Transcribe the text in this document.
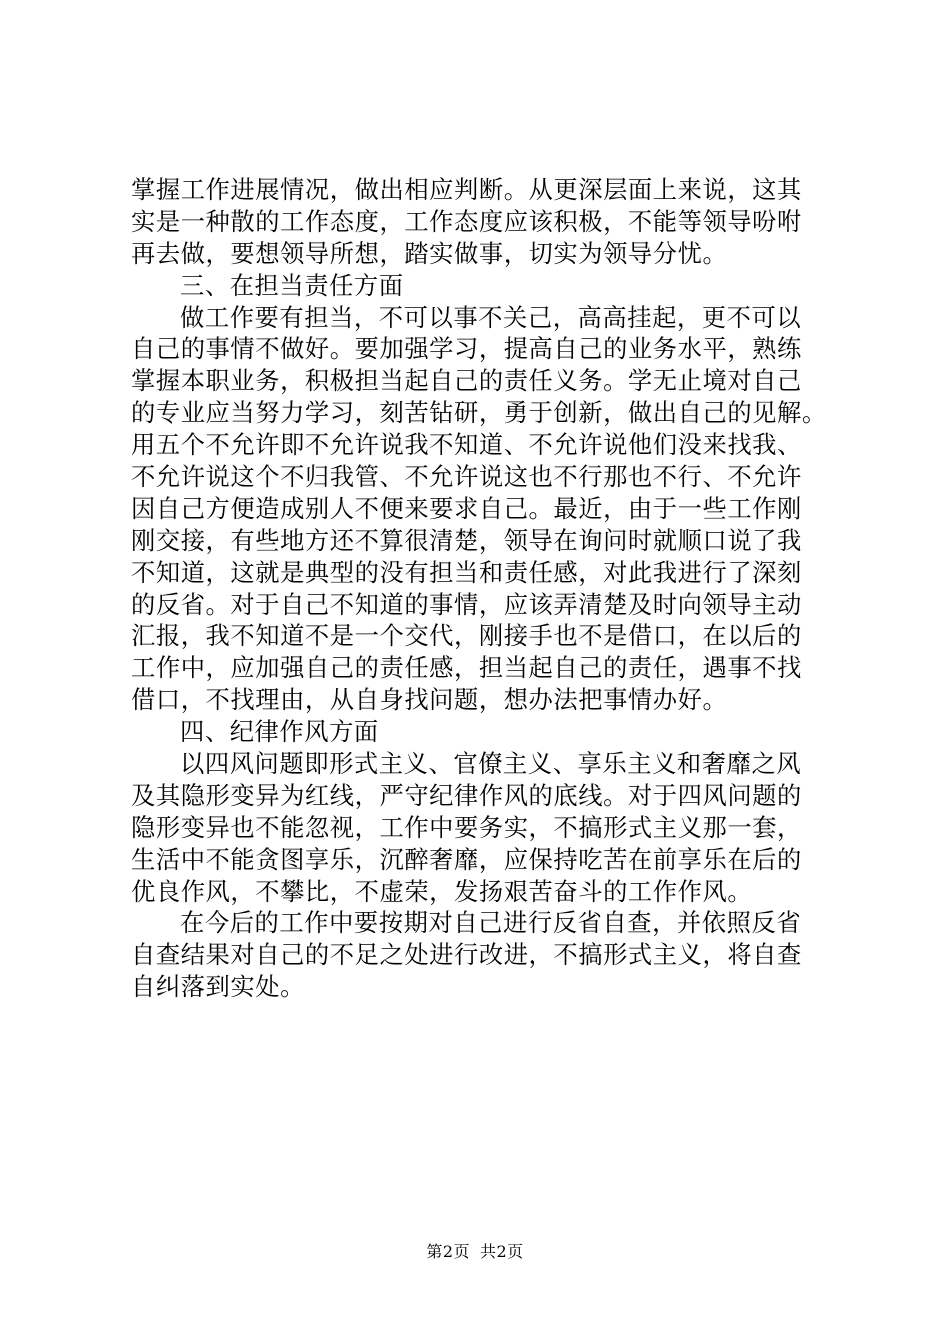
掌握工作进展情况，做出相应判断。从更深层面上来说，这其
实是一种散的工作态度，工作态度应该积极，不能等领导吩咐
再去做，要想领导所想，踏实做事，切实为领导分忧。
三、在担当责任方面
做工作要有担当，不可以事不关己，高高挂起，更不可以
自己的事情不做好。要加强学习，提高自己的业务水平，熟练
掌握本职业务，积极担当起自己的责任义务。学无止境对自己
的专业应当努力学习，刻苦钻研，勇于创新，做出自己的见解。
用五个不允许即不允许说我不知道、不允许说他们没来找我、
不允许说这个不归我管、不允许说这也不行那也不行、不允许
因自己方便造成别人不便来要求自己。最近，由于一些工作刚
刚交接，有些地方还不算很清楚，领导在询问时就顺口说了我
不知道，这就是典型的没有担当和责任感，对此我进行了深刻
的反省。对于自己不知道的事情，应该弄清楚及时向领导主动
汇报，我不知道不是一个交代，刚接手也不是借口，在以后的
工作中，应加强自己的责任感，担当起自己的责任，遇事不找
借口，不找理由，从自身找问题，想办法把事情办好。
四、纪律作风方面
以四风问题即形式主义、官僚主义、享乐主义和奢靡之风
及其隐形变异为红线，严守纪律作风的底线。对于四风问题的
隐形变异也不能忽视，工作中要务实，不搞形式主义那一套，
生活中不能贪图享乐，沉醉奢靡，应保持吃苦在前享乐在后的
优良作风，不攀比，不虚荣，发扬艰苦奋斗的工作作风。
在今后的工作中要按期对自己进行反省自查，并依照反省
自查结果对自己的不足之处进行改进，不搞形式主义，将自查
自纠落到实处。
第2页 共2页
